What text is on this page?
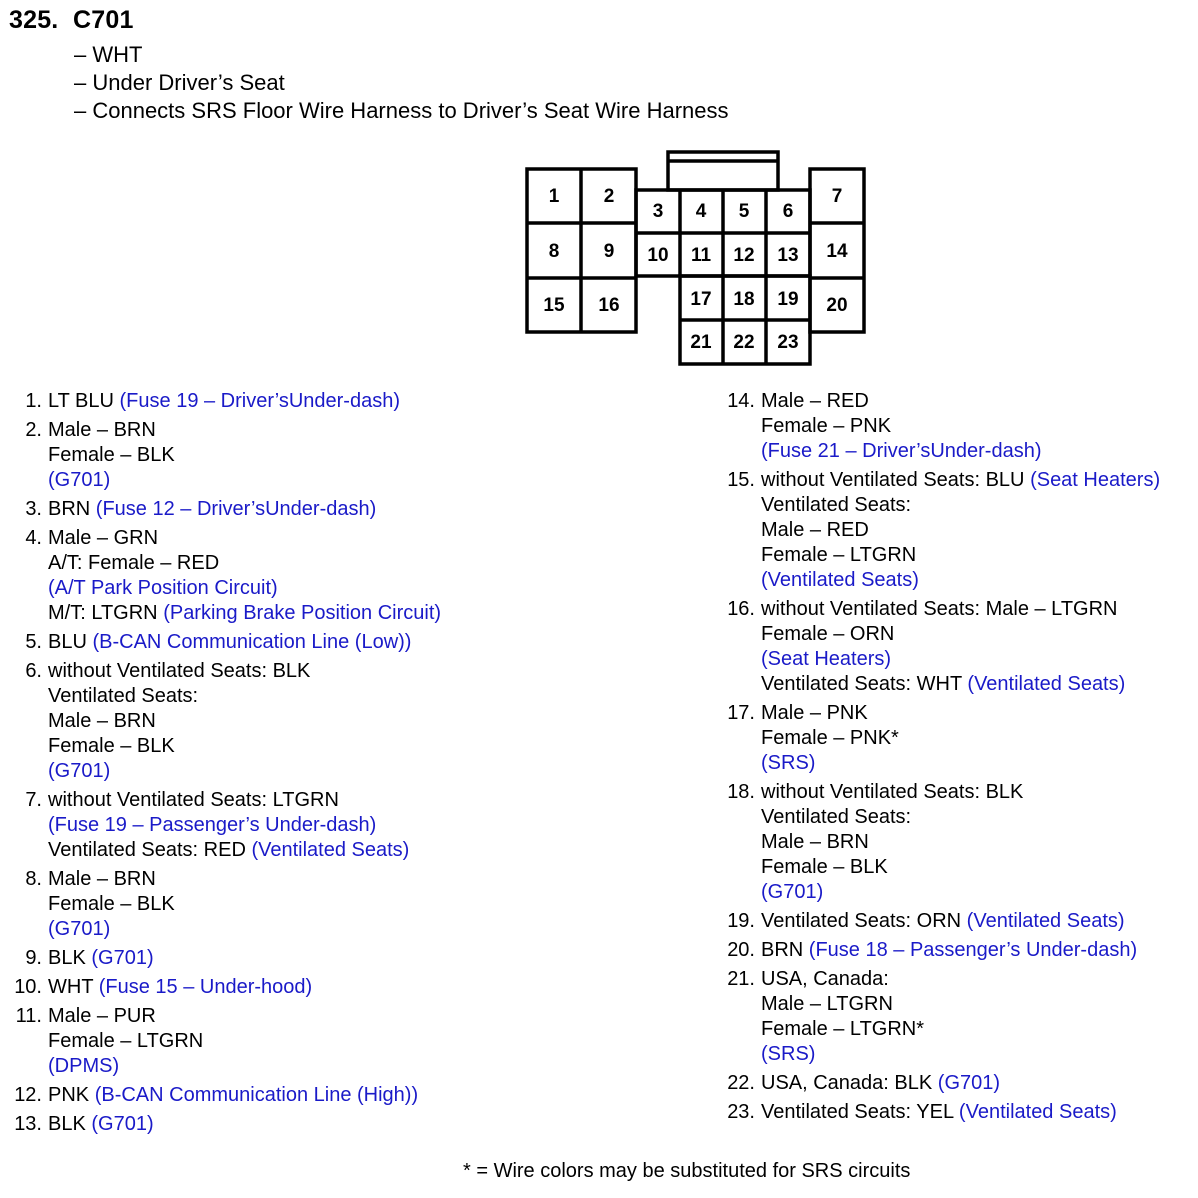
325. C701
– WHT
– Under Driver’s Seat
– Connects SRS Floor Wire Harness to Driver’s Seat Wire Harness
1 2
3 4 5 6
7
8 9 10 11 12 13 14
15 16	17 18 19 20
21 22 23
1. LT BLU (Fuse 19 – Driver’sUnder-dash)
2. Male – BRN
Female – BLK
(G701)
3. BRN (Fuse 12 – Driver’sUnder-dash)
4. Male – GRN
A/T: Female – RED
(A/T Park Position Circuit)
M/T: LTGRN (Parking Brake Position Circuit)
5. BLU (B-CAN Communication Line (Low))
6. without Ventilated Seats: BLK
Ventilated Seats:
Male – BRN
Female – BLK
(G701)
7. without Ventilated Seats: LTGRN
(Fuse 19 – Passenger’s Under-dash)
Ventilated Seats: RED (Ventilated Seats)
8. Male – BRN
Female – BLK
(G701)
9. BLK (G701)
10. WHT (Fuse 15 – Under-hood)
11. Male – PUR
Female – LTGRN
(DPMS)
12. PNK (B-CAN Communication Line (High))
13. BLK (G701)
14. Male – RED
Female – PNK
(Fuse 21 – Driver’sUnder-dash)
15. without Ventilated Seats: BLU (Seat Heaters)
Ventilated Seats:
Male – RED
Female – LTGRN
(Ventilated Seats)
16. without Ventilated Seats: Male – LTGRN
Female – ORN
(Seat Heaters)
Ventilated Seats: WHT (Ventilated Seats)
17. Male – PNK
Female – PNK*
(SRS)
18. without Ventilated Seats: BLK
Ventilated Seats:
Male – BRN
Female – BLK
(G701)
19. Ventilated Seats: ORN (Ventilated Seats)
20. BRN (Fuse 18 – Passenger’s Under-dash)
21. USA, Canada:
Male – LTGRN
Female – LTGRN*
(SRS)
22. USA, Canada: BLK (G701)
23. Ventilated Seats: YEL (Ventilated Seats)
* = Wire colors may be substituted for SRS circuits
